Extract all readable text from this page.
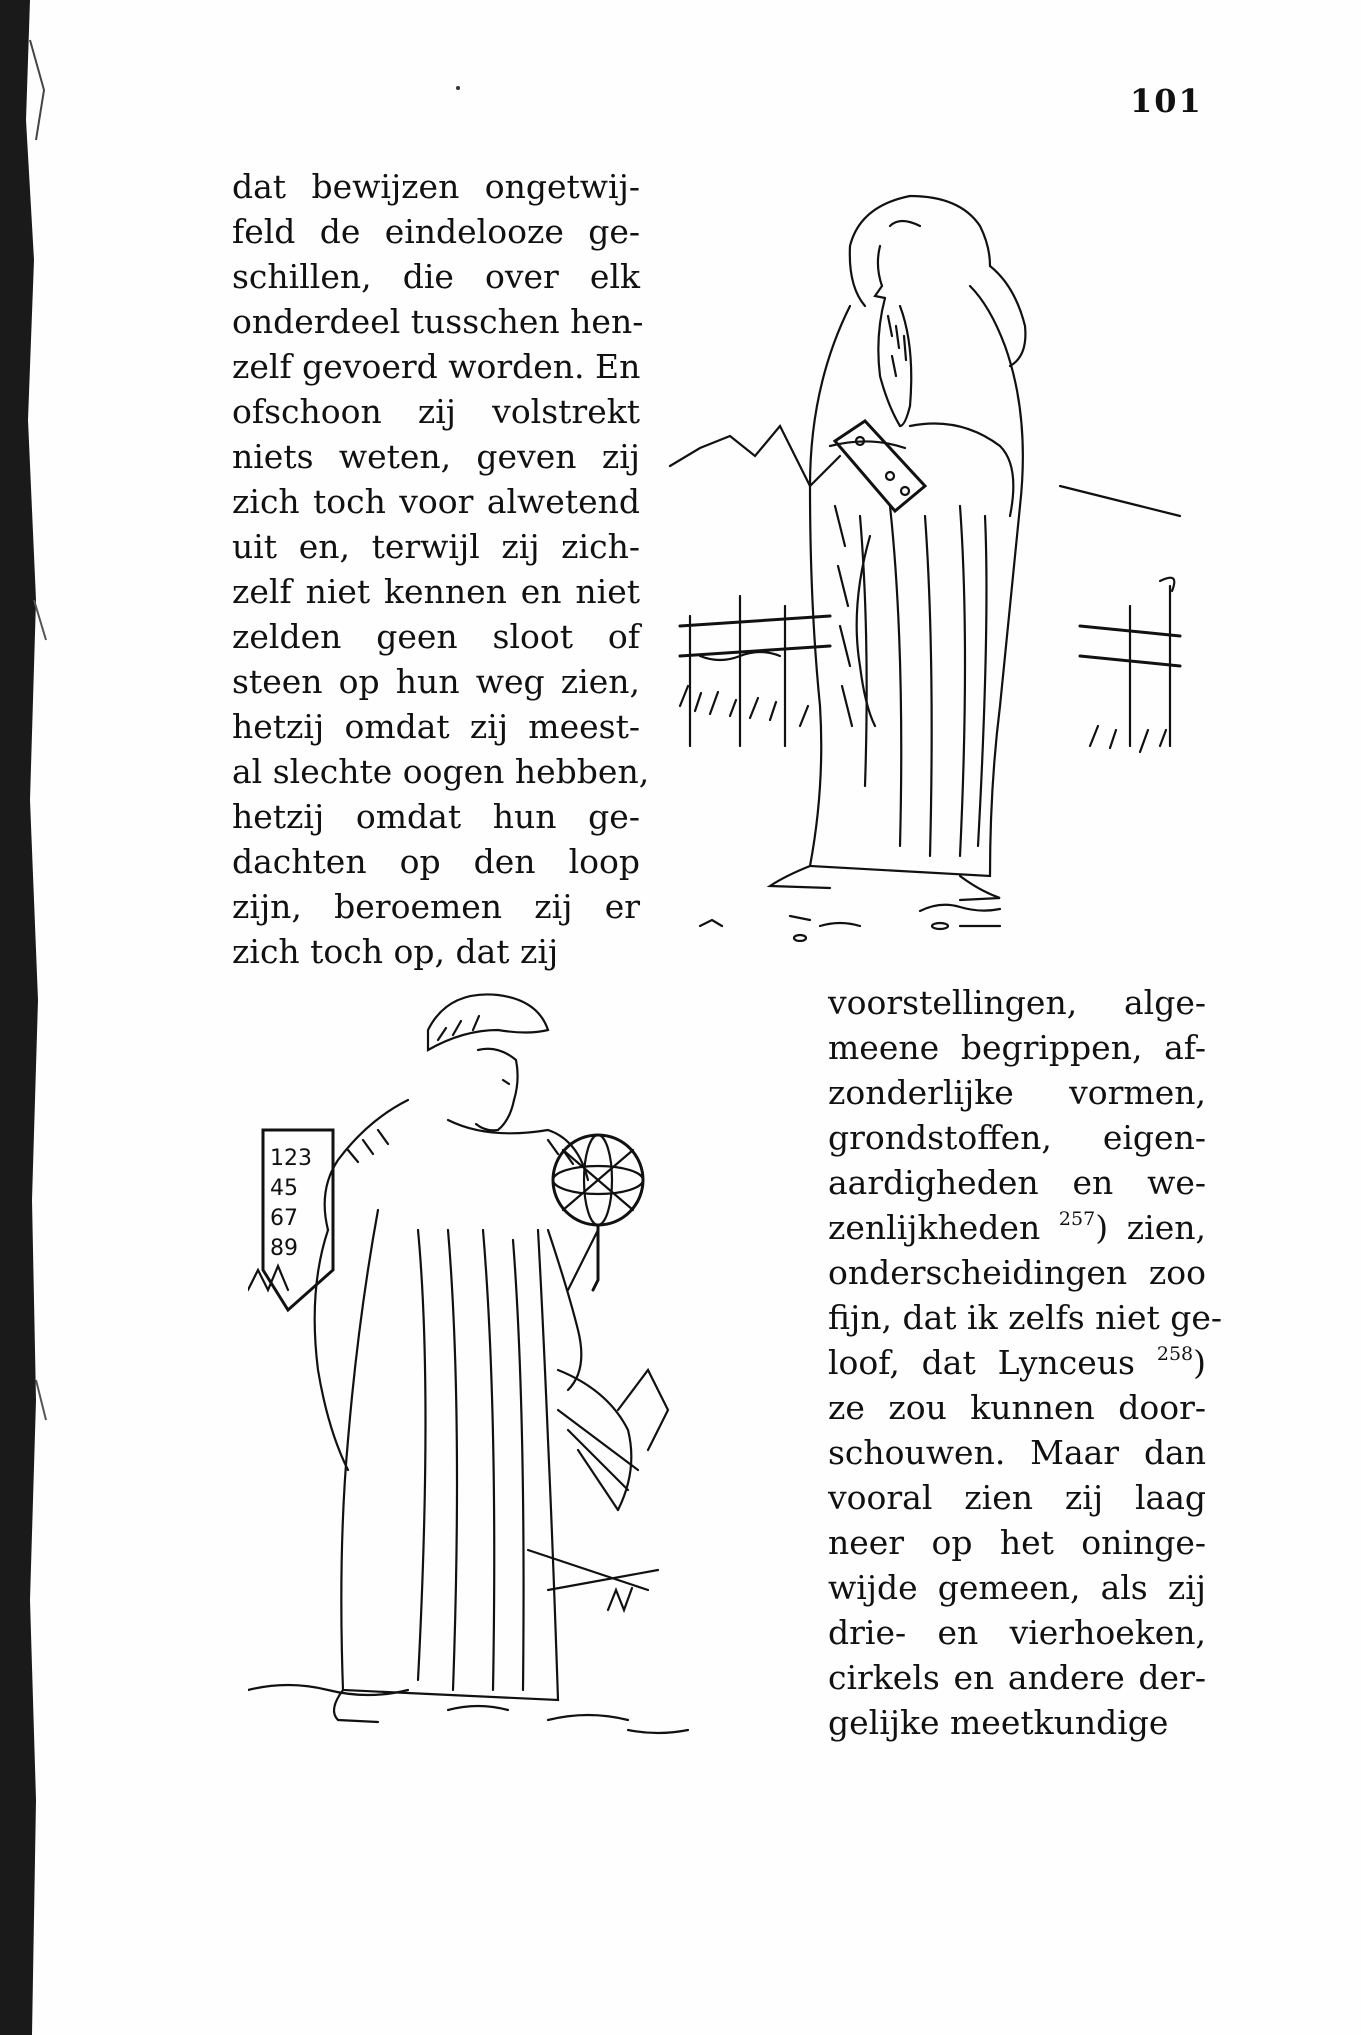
101
dat bewijzen ongetwij-
feld de eindelooze ge-
schillen, die over elk
onderdeel tusschen hen-
zelf gevoerd worden. En
ofschoon zij volstrekt
niets weten, geven zij
zich toch voor alwetend
uit en, terwijl zij zich-
zelf niet kennen en niet
zelden geen sloot of
steen op hun weg zien,
hetzij omdat zij meest-
al slechte oogen hebben,
hetzij omdat hun ge-
dachten op den loop
zijn, beroemen zij er
zich toch op, dat zij
voorstellingen, alge-
meene begrippen, af-
zonderlijke vormen,
grondstoffen, eigen-
aardigheden en we-
zenlijkheden $^{257}$) zien,
onderscheidingen zoo
fijn, dat ik zelfs niet ge-
loof, dat Lynceus $^{258}$)
ze zou kunnen door-
schouwen. Maar dan
vooral zien zij laag
neer op het oninge-
wijde gemeen, als zij
drie- en vierhoeken,
cirkels en andere der-
gelijke meetkundige
123
45
67
89
